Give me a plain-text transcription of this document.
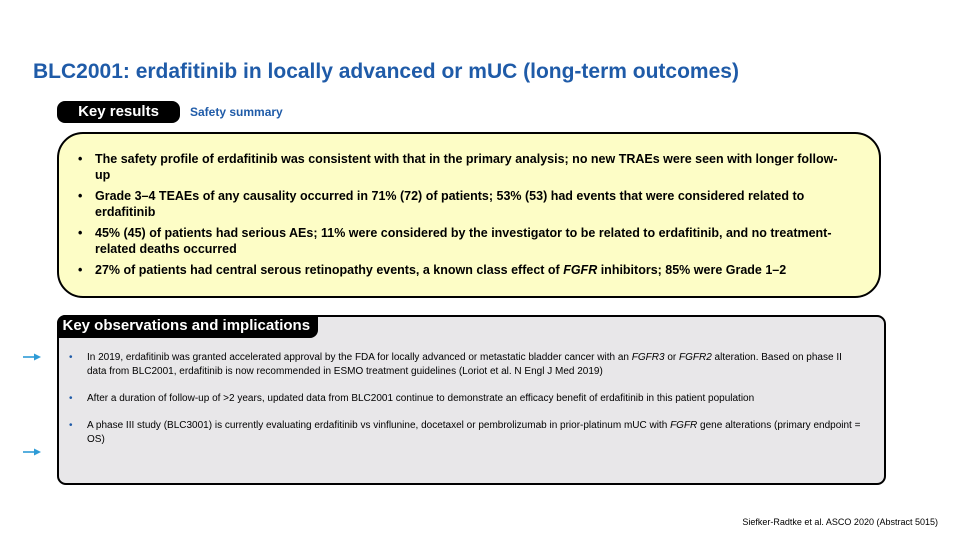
BLC2001: erdafitinib in locally advanced or mUC (long-term outcomes)
Key results	Safety summary
• The safety profile of erdafitinib was consistent with that in the primary analysis; no new TRAEs were seen with longer follow-up
• Grade 3–4 TEAEs of any causality occurred in 71% (72) of patients; 53% (53) had events that were considered related to erdafitinib
• 45% (45) of patients had serious AEs; 11% were considered by the investigator to be related to erdafitinib, and no treatment-related deaths occurred
• 27% of patients had central serous retinopathy events, a known class effect of FGFR inhibitors; 85% were Grade 1–2
Key observations and implications
• In 2019, erdafitinib was granted accelerated approval by the FDA for locally advanced or metastatic bladder cancer with an FGFR3 or FGFR2 alteration. Based on phase II data from BLC2001, erdafitinib is now recommended in ESMO treatment guidelines (Loriot et al. N Engl J Med 2019)
• After a duration of follow-up of >2 years, updated data from BLC2001 continue to demonstrate an efficacy benefit of erdafitinib in this patient population
• A phase III study (BLC3001) is currently evaluating erdafitinib vs vinflunine, docetaxel or pembrolizumab in prior-platinum mUC with FGFR gene alterations (primary endpoint = OS)
Siefker-Radtke et al. ASCO 2020 (Abstract 5015)
